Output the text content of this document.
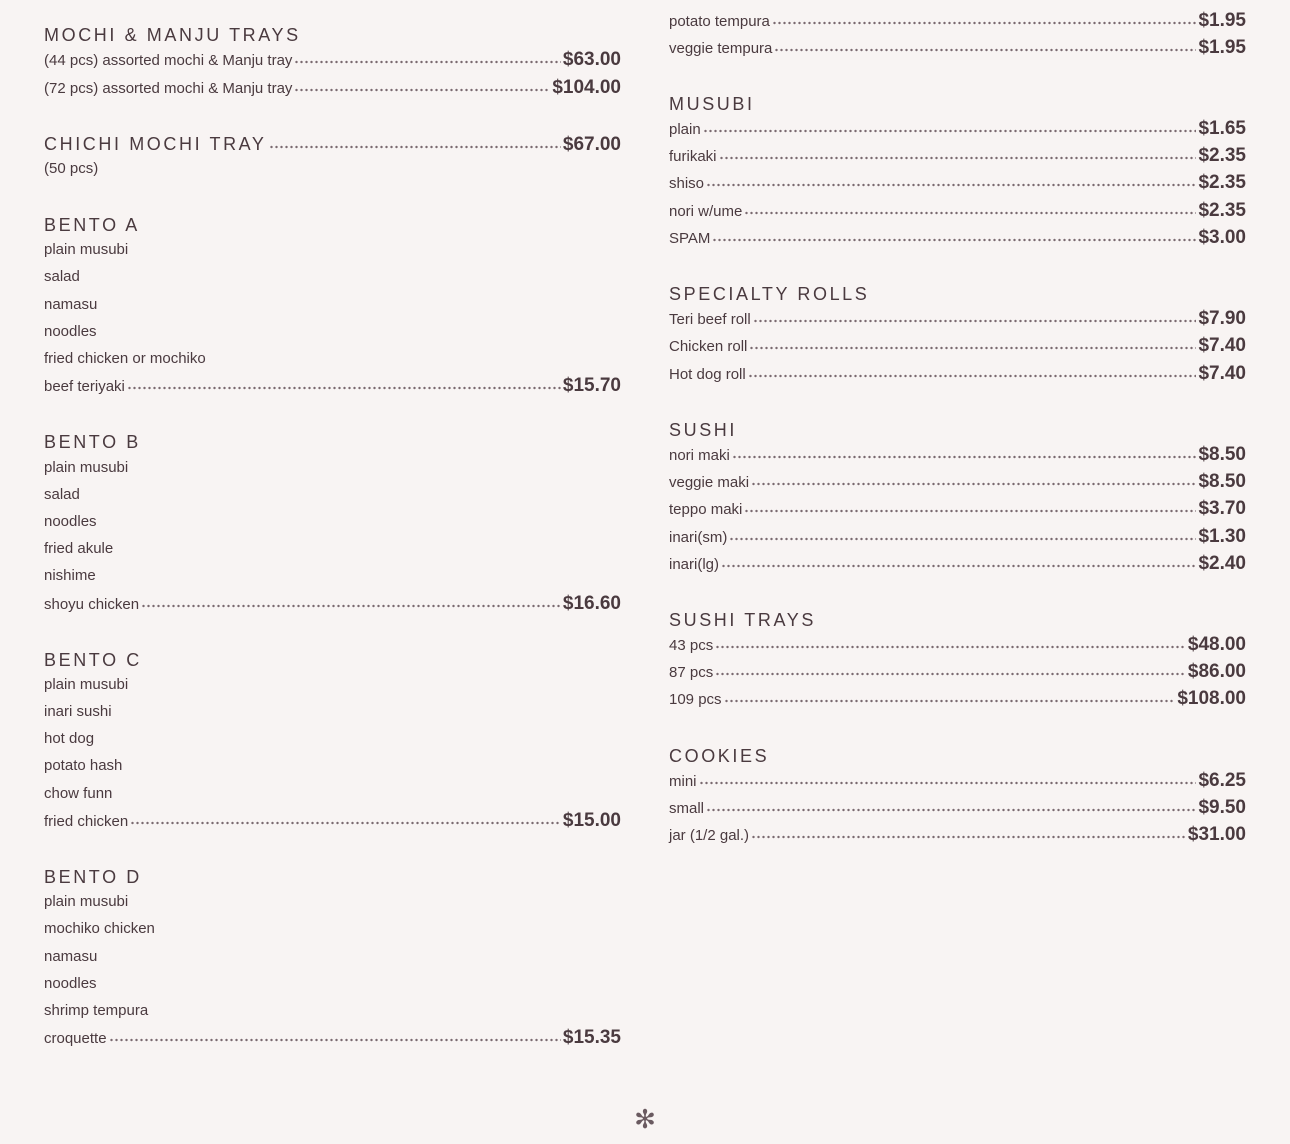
MOCHI & MANJU TRAYS
(44 pcs) assorted mochi & Manju tray	$63.00
(72 pcs) assorted mochi & Manju tray	$104.00
CHICHI MOCHI TRAY	$67.00
(50 pcs)
BENTO A
plain musubi
salad
namasu
noodles
fried chicken or mochiko
beef teriyaki	$15.70
BENTO B
plain musubi
salad
noodles
fried akule
nishime
shoyu chicken	$16.60
BENTO C
plain musubi
inari sushi
hot dog
potato hash
chow funn
fried chicken	$15.00
BENTO D
plain musubi
mochiko chicken
namasu
noodles
shrimp tempura
croquette	$15.35
potato tempura	$1.95
veggie tempura	$1.95
MUSUBI
plain	$1.65
furikaki	$2.35
shiso	$2.35
nori w/ume	$2.35
SPAM	$3.00
SPECIALTY ROLLS
Teri beef roll	$7.90
Chicken roll	$7.40
Hot dog roll	$7.40
SUSHI
nori maki	$8.50
veggie maki	$8.50
teppo maki	$3.70
inari(sm)	$1.30
inari(lg)	$2.40
SUSHI TRAYS
43 pcs	$48.00
87 pcs	$86.00
109 pcs	$108.00
COOKIES
mini	$6.25
small	$9.50
jar (1/2 gal.)	$31.00
✻
